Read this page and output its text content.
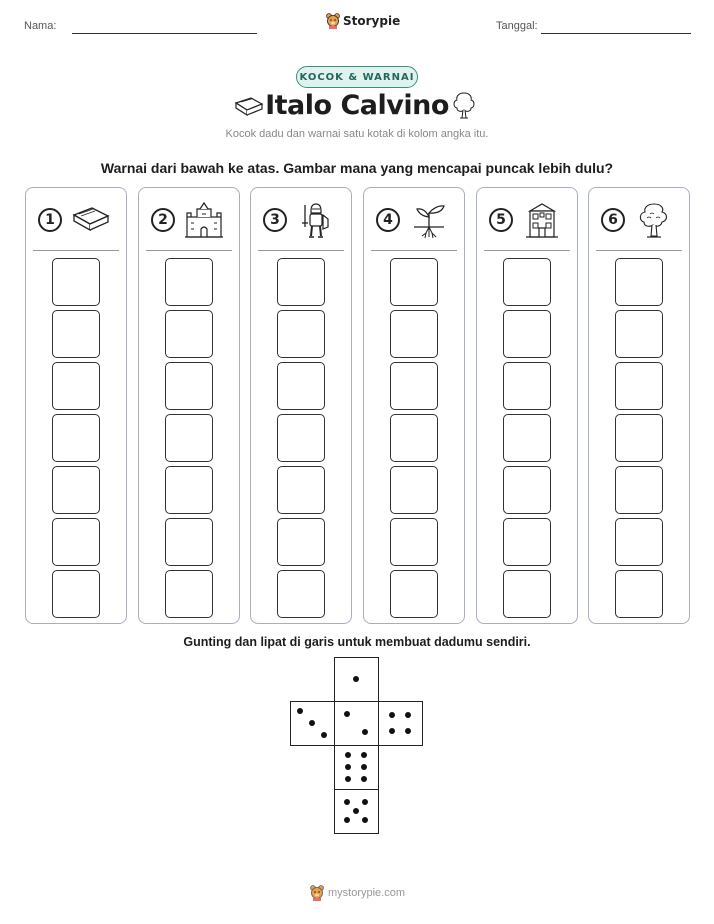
Nama:	Storypie	Tanggal:
KOCOK & WARNAI
Italo Calvino
Kocok dadu dan warnai satu kotak di kolom angka itu.
Warnai dari bawah ke atas. Gambar mana yang mencapai puncak lebih dulu?
1	2	3	4	5	6
Gunting dan lipat di garis untuk membuat dadumu sendiri.
mystorypie.com
